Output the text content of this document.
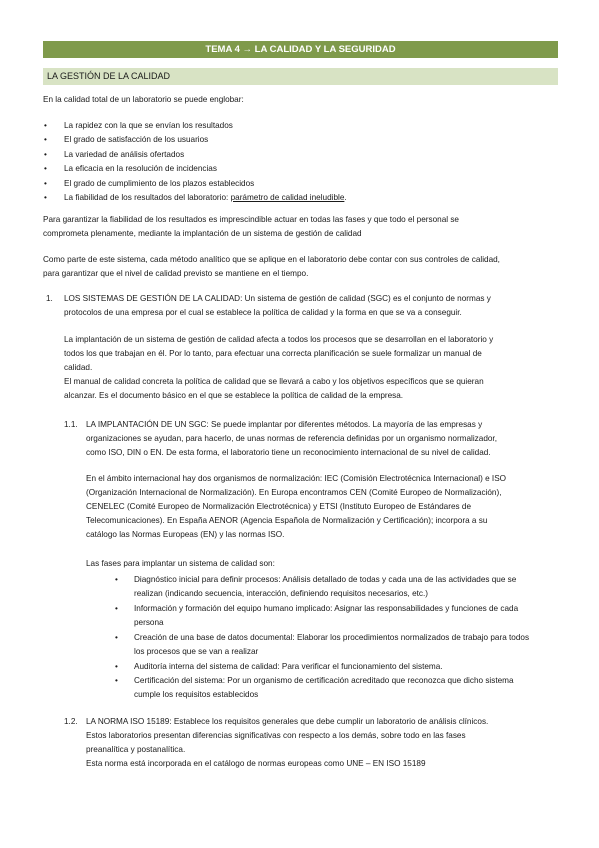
TEMA 4 → LA CALIDAD Y LA SEGURIDAD
LA GESTIÓN DE LA CALIDAD
En la calidad total de un laboratorio se puede englobar:
• La rapidez con la que se envían los resultados
• El grado de satisfacción de los usuarios
• La variedad de análisis ofertados
• La eficacia en la resolución de incidencias
• El grado de cumplimiento de los plazos establecidos
• La fiabilidad de los resultados del laboratorio: parámetro de calidad ineludible.

Para garantizar la fiabilidad de los resultados es imprescindible actuar en todas las fases y que todo el personal se

comprometa plenamente, mediante la implantación de un sistema de gestión de calidad

Como parte de este sistema, cada método analítico que se aplique en el laboratorio debe contar con sus controles de calidad,

para garantizar que el nivel de calidad previsto se mantiene en el tiempo.

1. LOS SISTEMAS DE GESTIÓN DE LA CALIDAD: Un sistema de gestión de calidad (SGC) es el conjunto de normas y

protocolos de una empresa por el cual se establece la política de calidad y la forma en que se va a conseguir.

La implantación de un sistema de gestión de calidad afecta a todos los procesos que se desarrollan en el laboratorio y

todos los que trabajan en él. Por lo tanto, para efectuar una correcta planificación se suele formalizar un manual de

calidad.

El manual de calidad concreta la política de calidad que se llevará a cabo y los objetivos específicos que se quieran

alcanzar. Es el documento básico en el que se establece la política de calidad de la empresa.

1.1. LA IMPLANTACIÓN DE UN SGC: Se puede implantar por diferentes métodos. La mayoría de las empresas y

organizaciones se ayudan, para hacerlo, de unas normas de referencia definidas por un organismo normalizador,

como ISO, DIN o EN. De esta forma, el laboratorio tiene un reconocimiento internacional de su nivel de calidad.

En el ámbito internacional hay dos organismos de normalización: IEC (Comisión Electrotécnica Internacional) e ISO

(Organización Internacional de Normalización). En Europa encontramos CEN (Comité Europeo de Normalización),

CENELEC (Comité Europeo de Normalización Electrotécnica) y ETSI (Instituto Europeo de Estándares de

Telecomunicaciones). En España AENOR (Agencia Española de Normalización y Certificación); incorpora a su

catálogo las Normas Europeas (EN) y las normas ISO.

Las fases para implantar un sistema de calidad son:
• Diagnóstico inicial para definir procesos: Análisis detallado de todas y cada una de las actividades que se

realizan (indicando secuencia, interacción, definiendo requisitos necesarios, etc.)

• Información y formación del equipo humano implicado: Asignar las responsabilidades y funciones de cada

persona

• Creación de una base de datos documental: Elaborar los procedimientos normalizados de trabajo para todos

los procesos que se van a realizar

• Auditoría interna del sistema de calidad: Para verificar el funcionamiento del sistema.

• Certificación del sistema: Por un organismo de certificación acreditado que reconozca que dicho sistema

cumple los requisitos establecidos

1.2. LA NORMA ISO 15189: Establece los requisitos generales que debe cumplir un laboratorio de análisis clínicos.

Estos laboratorios presentan diferencias significativas con respecto a los demás, sobre todo en las fases

preanalítica y postanalítica.

Esta norma está incorporada en el catálogo de normas europeas como UNE – EN ISO 15189
